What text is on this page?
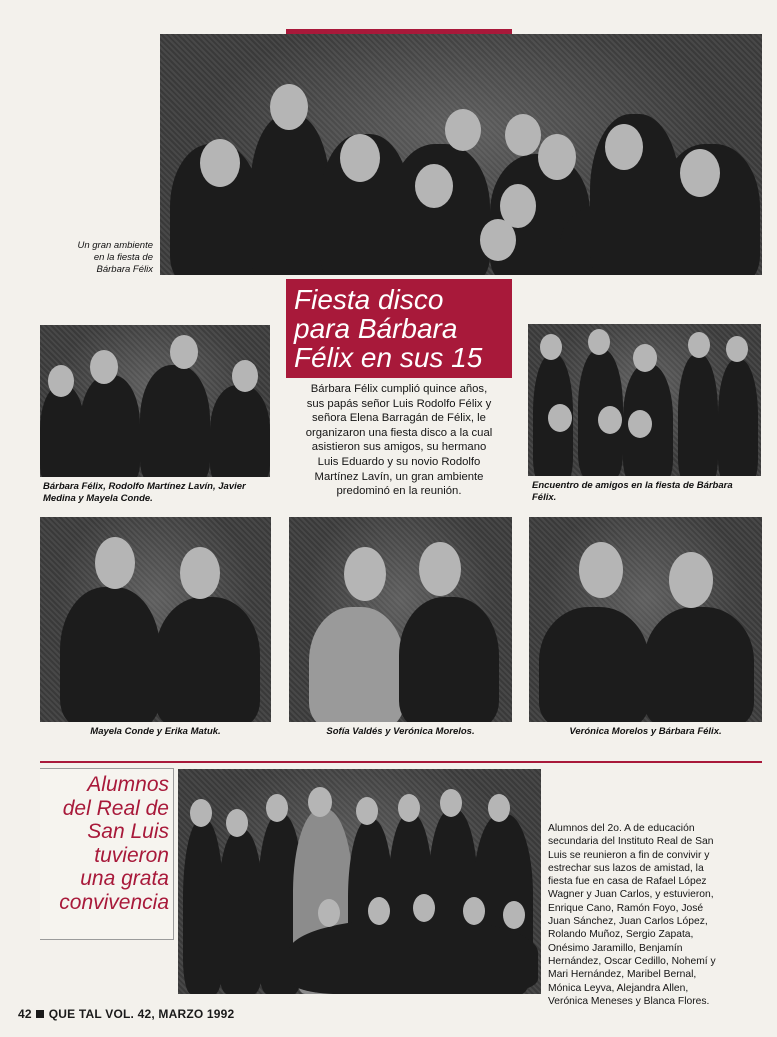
Un gran ambiente
en la fiesta de
Bárbara Félix
Fiesta disco
para Bárbara
Félix en sus 15
Bárbara Félix cumplió quince años,
sus papás señor Luis Rodolfo Félix y
señora Elena Barragán de Félix, le
organizaron una fiesta disco a la cual
asistieron sus amigos, su hermano
Luis Eduardo y su novio Rodolfo
Martínez Lavín, un gran ambiente
predominó en la reunión.
Bárbara Félix, Rodolfo Martínez Lavín, Javier
Medina y Mayela Conde.
Encuentro de amigos en la fiesta de Bárbara
Félix.
Mayela Conde y Erika Matuk.	Sofía Valdés y Verónica Morelos.	Verónica Morelos y Bárbara Félix.
Alumnos
del Real de
San Luis
tuvieron
una grata
convivencia
Alumnos del 2o. A de educación
secundaria del Instituto Real de San
Luis se reunieron a fin de convivir y
estrechar sus lazos de amistad, la
fiesta fue en casa de Rafael López
Wagner y Juan Carlos, y estuvieron,
Enrique Cano, Ramón Foyo, José
Juan Sánchez, Juan Carlos López,
Rolando Muñoz, Sergio Zapata,
Onésimo Jaramillo, Benjamín
Hernández, Oscar Cedillo, Nohemí y
Mari Hernández, Maribel Bernal,
Mónica Leyva, Alejandra Allen,
Verónica Meneses y Blanca Flores.
42 QUE TAL VOL. 42, MARZO 1992
